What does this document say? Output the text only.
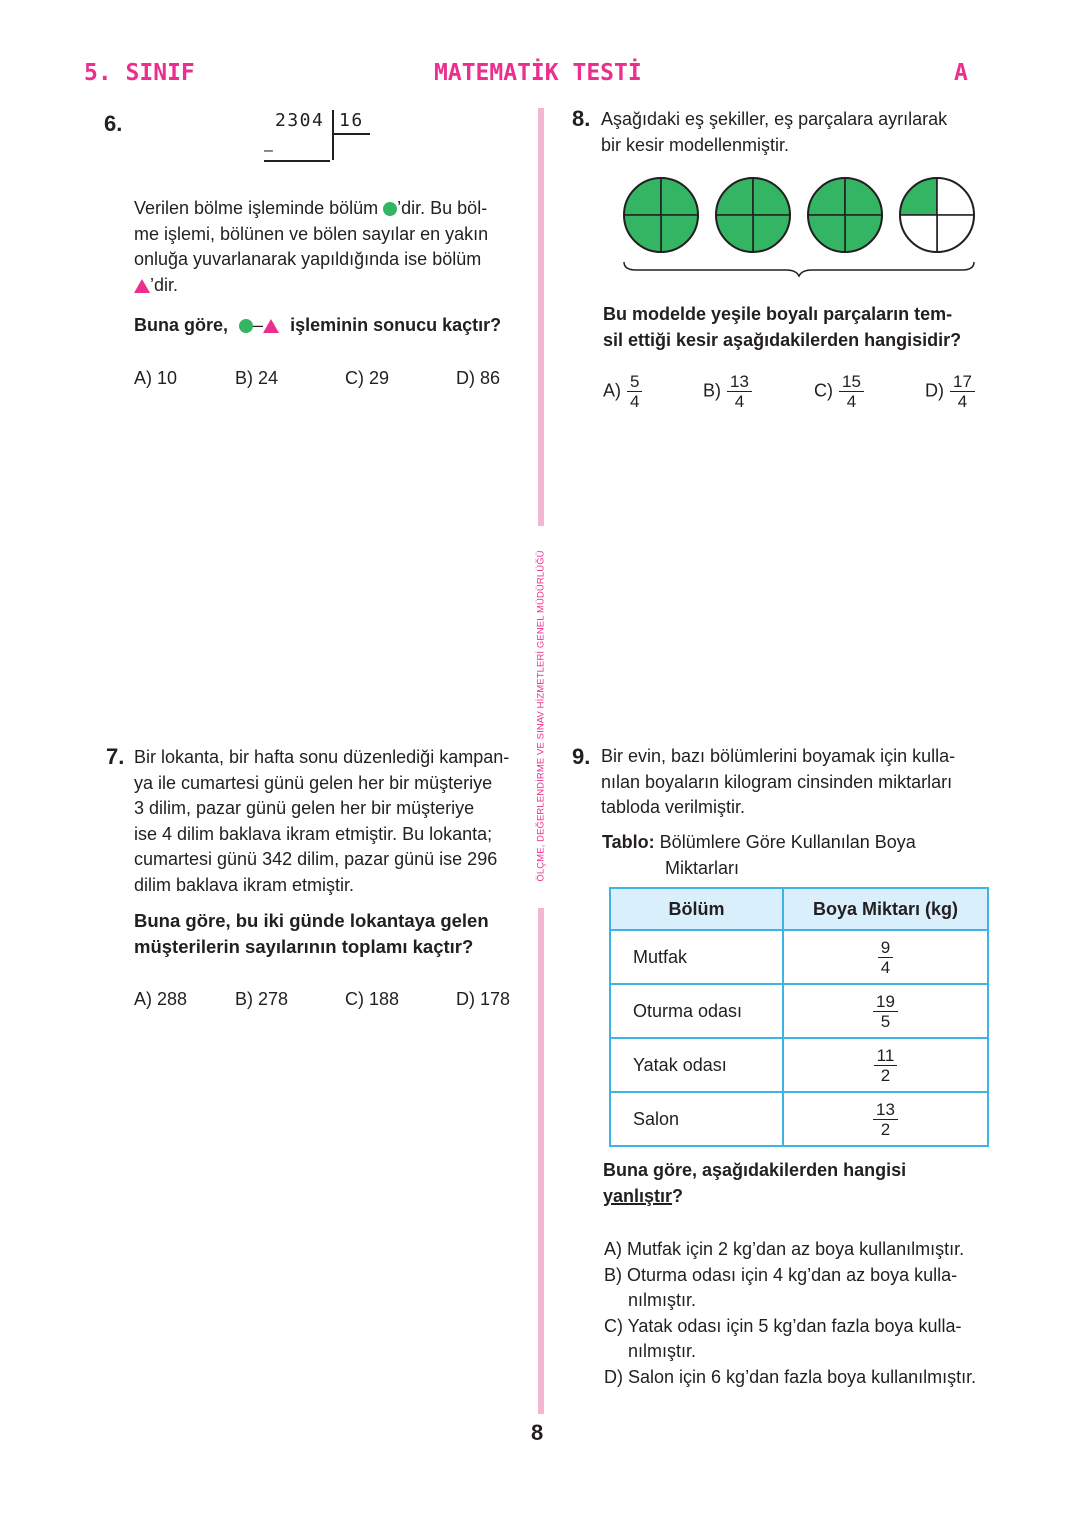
5. SINIF	MATEMATİK TESTİ	A
ÖLÇME, DEĞERLENDİRME VE SINAV HİZMETLERİ GENEL MÜDÜRLÜĞÜ
6.	2304 16
–
Verilen bölme işleminde bölüm ’dir. Bu böl-
me işlemi, bölünen ve bölen sayılar en yakın
onluğa yuvarlanarak yapıldığında ise bölüm
’dir.
Buna göre, – işleminin sonucu kaçtır?
A) 10	B) 24	C) 29	D) 86
7. Bir lokanta, bir hafta sonu düzenlediği kampan-
ya ile cumartesi günü gelen her bir müşteriye
3 dilim, pazar günü gelen her bir müşteriye
ise 4 dilim baklava ikram etmiştir. Bu lokanta;
cumartesi günü 342 dilim, pazar günü ise 296
dilim baklava ikram etmiştir.
Buna göre, bu iki günde lokantaya gelen
müşterilerin sayılarının toplamı kaçtır?
A) 288	B) 278	C) 188	D) 178
8. Aşağıdaki eş şekiller, eş parçalara ayrılarak
bir kesir modellenmiştir.
Bu modelde yeşile boyalı parçaların tem-
sil ettiği kesir aşağıdakilerden hangisidir?
$A) \frac{5}{4}$	$B) \frac{13}{4}$	$C) \frac{15}{4}$	$D) \frac{17}{4}$
9. Bir evin, bazı bölümlerini boyamak için kulla-
nılan boyaların kilogram cinsinden miktarları
tabloda verilmiştir.
Tablo: Bölümlere Göre Kullanılan Boya
Miktarları
Bölüm	Boya Miktarı (kg)
Mutfak	$\frac{9}{4}$

Oturma odası	$\frac{19}{5}$

Yatak odası	$\frac{11}{2}$

Salon	$\frac{13}{2}$
Buna göre, aşağıdakilerden hangisi
yanlıştır?
A) Mutfak için 2 kg’dan az boya kullanılmıştır.
B) Oturma odası için 4 kg’dan az boya kulla-
nılmıştır.
C) Yatak odası için 5 kg’dan fazla boya kulla-
nılmıştır.
D) Salon için 6 kg’dan fazla boya kullanılmıştır.
8
